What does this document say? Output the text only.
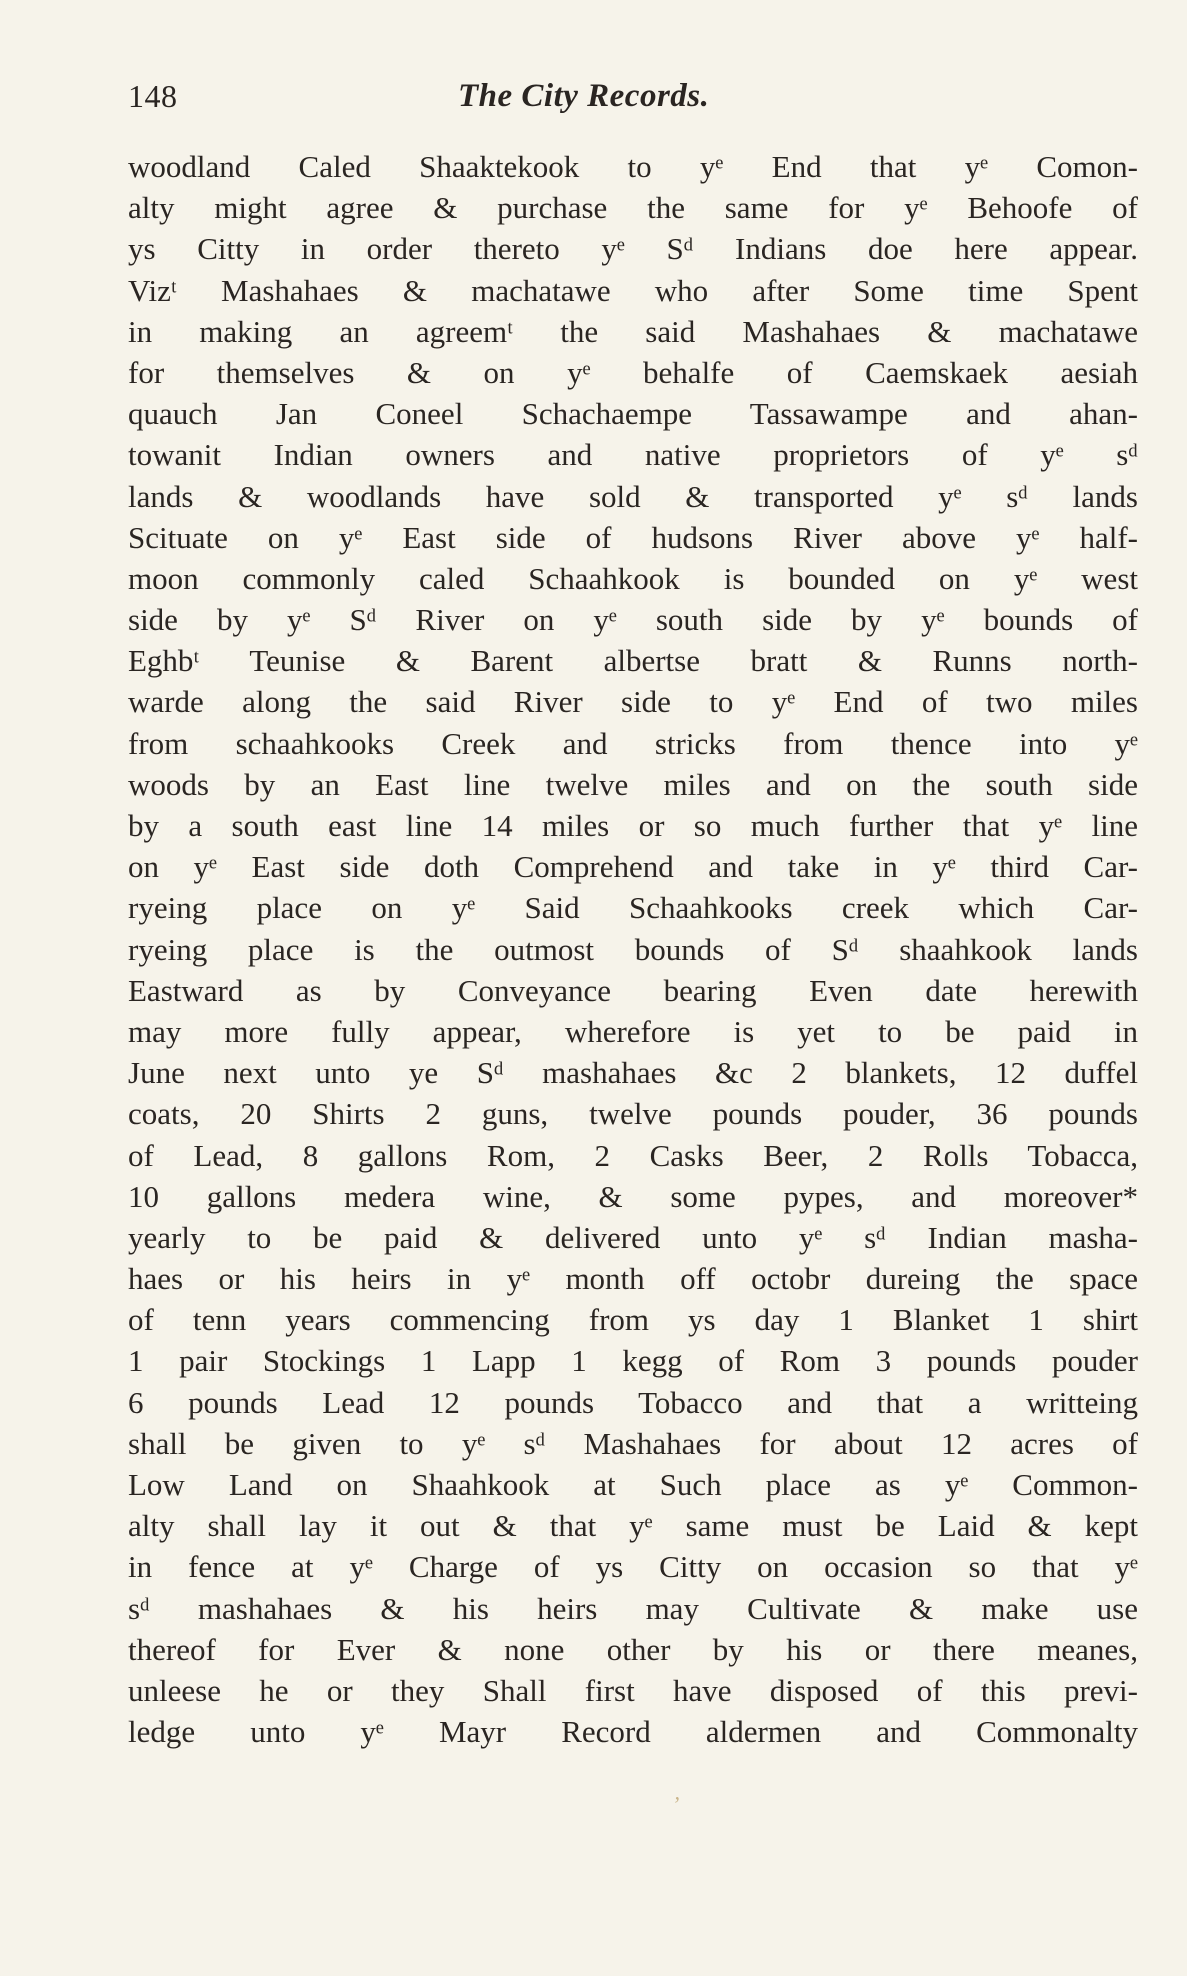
148	The City Records.
woodland Caled Shaaktekook to yᵉ End that yᵉ Comon-
alty might agree & purchase the same for yᵉ Behoofe of
ys Citty in order thereto yᵉ Sᵈ Indians doe here appear.
Vizᵗ Mashahaes & machatawe who after Some time Spent
in making an agreemᵗ the said Mashahaes & machatawe
for themselves & on yᵉ behalfe of Caemskaek aesiah
quauch Jan Coneel Schachaempe Tassawampe and ahan-
towanit Indian owners and native proprietors of yᵉ sᵈ
lands & woodlands have sold & transported yᵉ sᵈ lands
Scituate on yᵉ East side of hudsons River above yᵉ half-
moon commonly caled Schaahkook is bounded on yᵉ west
side by yᵉ Sᵈ River on yᵉ south side by yᵉ bounds of
Eghbᵗ Teunise & Barent albertse bratt & Runns north-
warde along the said River side to yᵉ End of two miles
from schaahkooks Creek and stricks from thence into yᵉ
woods by an East line twelve miles and on the south side
by a south east line 14 miles or so much further that yᵉ line
on yᵉ East side doth Comprehend and take in yᵉ third Car-
ryeing place on yᵉ Said Schaahkooks creek which Car-
ryeing place is the outmost bounds of Sᵈ shaahkook lands
Eastward as by Conveyance bearing Even date herewith
may more fully appear, wherefore is yet to be paid in
June next unto ye Sᵈ mashahaes &c 2 blankets, 12 duffel
coats, 20 Shirts 2 guns, twelve pounds pouder, 36 pounds
of Lead, 8 gallons Rom, 2 Casks Beer, 2 Rolls Tobacca,
10 gallons medera wine, & some pypes, and moreover*
yearly to be paid & delivered unto yᵉ sᵈ Indian masha-
haes or his heirs in yᵉ month off octobr dureing the space
of tenn years commencing from ys day 1 Blanket 1 shirt
1 pair Stockings 1 Lapp 1 kegg of Rom 3 pounds pouder
6 pounds Lead 12 pounds Tobacco and that a writteing
shall be given to yᵉ sᵈ Mashahaes for about 12 acres of
Low Land on Shaahkook at Such place as yᵉ Common-
alty shall lay it out & that yᵉ same must be Laid & kept
in fence at yᵉ Charge of ys Citty on occasion so that yᵉ
sᵈ mashahaes & his heirs may Cultivate & make use
thereof for Ever & none other by his or there meanes,
unleese he or they Shall first have disposed of this previ-
ledge unto yᵉ Mayr Record aldermen and Commonalty
ʼ
